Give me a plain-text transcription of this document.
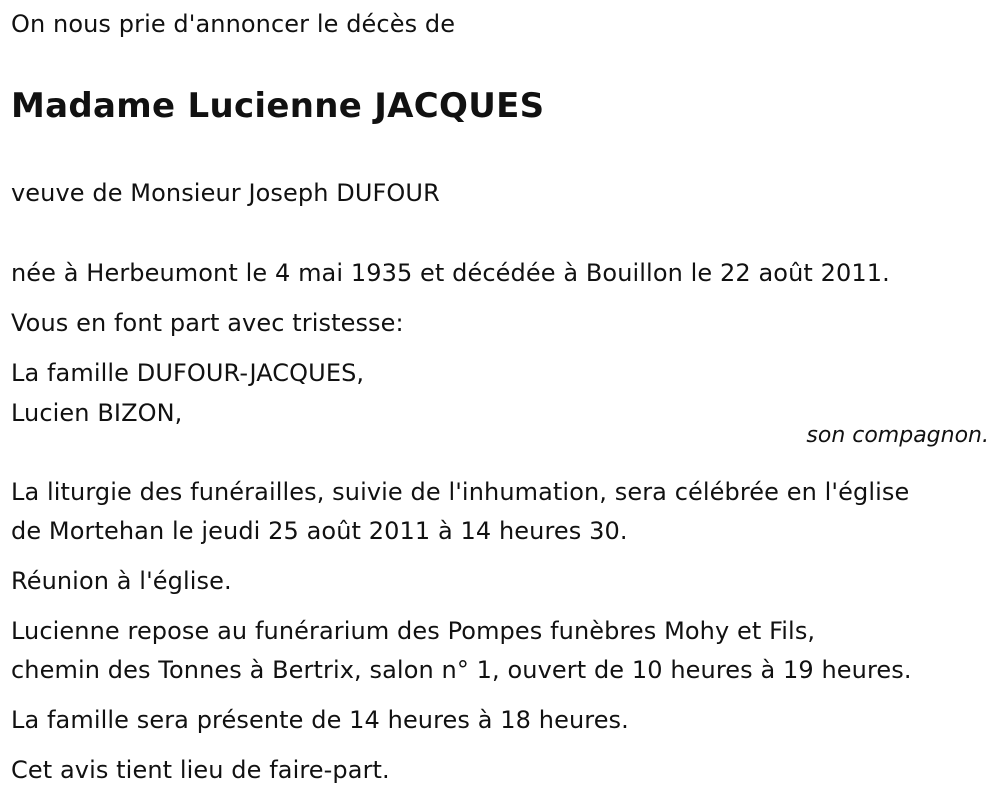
On nous prie d'annoncer le décès de
Madame Lucienne JACQUES
veuve de Monsieur Joseph DUFOUR
née à Herbeumont le 4 mai 1935 et décédée à Bouillon le 22 août 2011.
Vous en font part avec tristesse:
La famille DUFOUR-JACQUES,
Lucien BIZON,
son compagnon.
La liturgie des funérailles, suivie de l'inhumation, sera célébrée en l'église
de Mortehan le jeudi 25 août 2011 à 14 heures 30.
Réunion à l'église.
Lucienne repose au funérarium des Pompes funèbres Mohy et Fils,
chemin des Tonnes à Bertrix, salon n° 1, ouvert de 10 heures à 19 heures.
La famille sera présente de 14 heures à 18 heures.
Cet avis tient lieu de faire-part.
